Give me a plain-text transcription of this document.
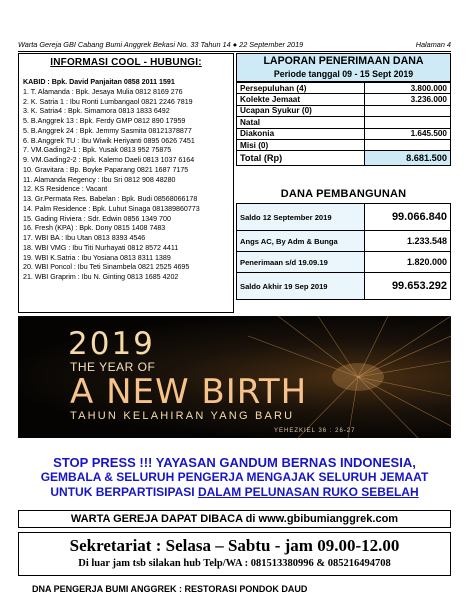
Warta Gereja GBI Cabang Bumi Anggrek Bekasi No. 33 Tahun 14 ● 22 September 2019	Halaman 4
INFORMASI COOL - HUBUNGI:
KABID : Bpk. David Panjaitan 0858 2011 1591
1. T. Alamanda : Bpk. Jesaya Mulia 0812 8169 276
2. K. Satria 1 : Ibu Ronti Lumbangaol 0821 2246 7819
3. K. Satria4 : Bpk. Simamora 0813 1833 6492
5. B.Anggrek 13 : Bpk. Ferdy GMP 0812 890 17959
5. B.Anggrek 24 : Bpk. Jemmy Sasmita 08121378877
6. B.Anggrek TU : Ibu Wiwik Heriyanti 0895 0626 7451
7. VM.Gading2-1 : Bpk. Yusak 0813 952 75875
9. VM.Gading2-2 : Bpk. Kalemo Daeli 0813 1037 6164
10. Gravitara : Bp. Boyke Paparang 0821 1687 7175
11. Alamanda Regency : Ibu Sri 0812 908 48280
12. KS Residence : Vacant
13. Gr.Permata Res. Babelan : Bpk. Budi 08568066178
14. Palm Residence : Bpk. Luhut Sinaga 081389860773
15. Gading Riviera : Sdr. Edwin 0856 1349 700
16. Fresh (KPA) : Bpk. Dony 0815 1408 7483
17. WBI BA : Ibu Utan 0813 8393 4546
18. WBI VMG : Ibu Titi Nurhayati 0812 8572 4411
19. WBI K.Satria : Ibu Yosiana 0813 8311 1389
20. WBI Poncol : Ibu Teti Sinambela 0821 2525 4695
21. WBI Graprim : Ibu N. Ginting 0813 1685 4202
LAPORAN PENERIMAAN DANA
Periode tanggal 09 - 15 Sept 2019
Persepuluhan (4)	3.800.000
Kolekte Jemaat	3.236.000
Ucapan Syukur (0)	
Natal	
Diakonia	1.645.500
Misi (0)	
Total (Rp)	8.681.500
DANA PEMBANGUNAN
Saldo 12 September 2019	99.066.840
Angs AC, By Adm & Bunga	1.233.548
Penerimaan s/d 19.09.19	1.820.000
Saldo Akhir 19 Sep 2019	99.653.292
2019
THE YEAR OF
A NEW BIRTH
TAHUN KELAHIRAN YANG BARU
YEHEZKIEL 36 : 26-27
STOP PRESS !!! YAYASAN GANDUM BERNAS INDONESIA,
GEMBALA & SELURUH PENGERJA MENGAJAK SELURUH JEMAAT
UNTUK BERPARTISIPASI DALAM PELUNASAN RUKO SEBELAH
WARTA GEREJA DAPAT DIBACA di www.gbibumianggrek.com
Sekretariat : Selasa – Sabtu - jam 09.00-12.00
Di luar jam tsb silakan hub Telp/WA : 081513380996 & 085216494708
DNA PENGERJA BUMI ANGGREK : RESTORASI PONDOK DAUD
